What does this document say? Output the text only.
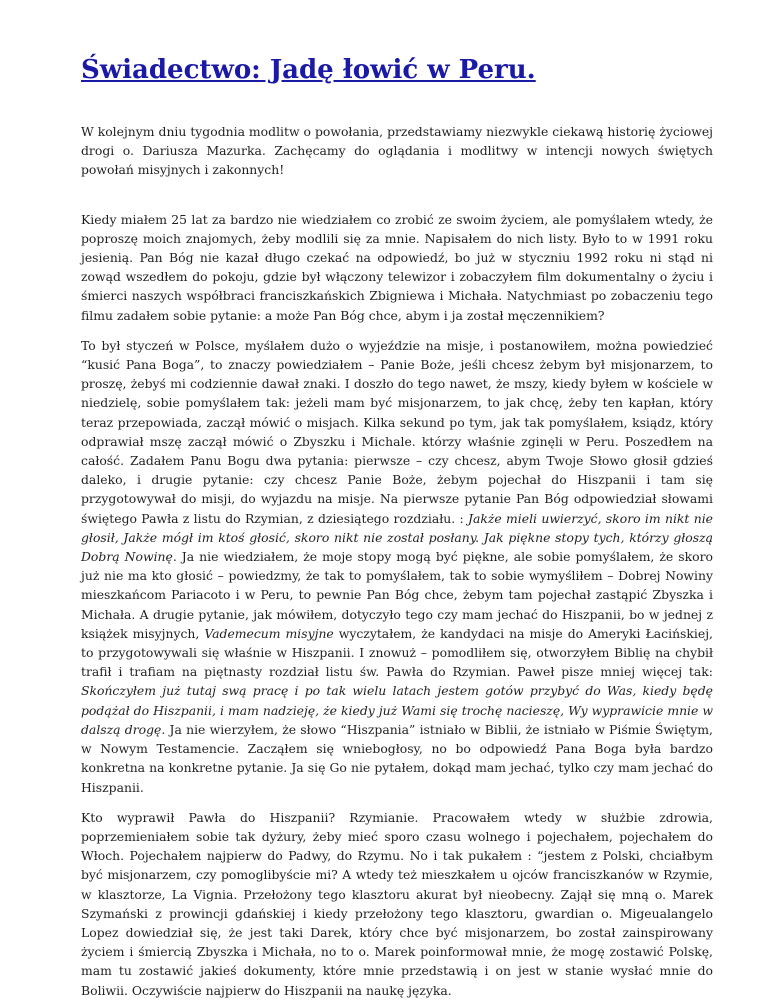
Świadectwo: Jadę łowić w Peru.

W kolejnym dniu tygodnia modlitw o powołania, przedstawiamy niezwykle ciekawą historię życiowej drogi o. Dariusza Mazurka. Zachęcamy do oglądania i modlitwy w intencji nowych świętych powołań misyjnych i zakonnych!

Kiedy miałem 25 lat za bardzo nie wiedziałem co zrobić ze swoim życiem, ale pomyślałem wtedy, że poproszę moich znajomych, żeby modlili się za mnie. Napisałem do nich listy. Było to w 1991 roku jesienią. Pan Bóg nie kazał długo czekać na odpowiedź, bo już w styczniu 1992 roku ni stąd ni zowąd wszedłem do pokoju, gdzie był włączony telewizor i zobaczyłem film dokumentalny o życiu i śmierci naszych współbraci franciszkańskich Zbigniewa i Michała. Natychmiast po zobaczeniu tego filmu zadałem sobie pytanie: a może Pan Bóg chce, abym i ja został męczennikiem?

To był styczeń w Polsce, myślałem dużo o wyjeździe na misje, i postanowiłem, można powiedzieć “kusić Pana Boga”, to znaczy powiedziałem – Panie Boże, jeśli chcesz żebym był misjonarzem, to proszę, żebyś mi codziennie dawał znaki. I doszło do tego nawet, że mszy, kiedy byłem w kościele w niedzielę, sobie pomyślałem tak: jeżeli mam być misjonarzem, to jak chcę, żeby ten kapłan, który teraz przepowiada, zaczął mówić o misjach. Kilka sekund po tym, jak tak pomyślałem, ksiądz, który odprawiał mszę zaczął mówić o Zbyszku i Michale. którzy właśnie zginęli w Peru. Poszedłem na całość. Zadałem Panu Bogu dwa pytania: pierwsze – czy chcesz, abym Twoje Słowo głosił gdzieś daleko, i drugie pytanie: czy chcesz Panie Boże, żebym pojechał do Hiszpanii i tam się przygotowywał do misji, do wyjazdu na misje. Na pierwsze pytanie Pan Bóg odpowiedział słowami świętego Pawła z listu do Rzymian, z dziesiątego rozdziału. : Jakże mieli uwierzyć, skoro im nikt nie głosił, Jakże mógł im ktoś głosić, skoro nikt nie został posłany. Jak piękne stopy tych, którzy głoszą Dobrą Nowinę. Ja nie wiedziałem, że moje stopy mogą być piękne, ale sobie pomyślałem, że skoro już nie ma kto głosić – powiedzmy, że tak to pomyślałem, tak to sobie wymyśliłem – Dobrej Nowiny mieszkańcom Pariacoto i w Peru, to pewnie Pan Bóg chce, żebym tam pojechał zastąpić Zbyszka i Michała. A drugie pytanie, jak mówiłem, dotyczyło tego czy mam jechać do Hiszpanii, bo w jednej z książek misyjnych, Vademecum misyjne wyczytałem, że kandydaci na misje do Ameryki Łacińskiej, to przygotowywali się właśnie w Hiszpanii. I znowuż – pomodliłem się, otworzyłem Biblię na chybił trafił i trafiam na piętnasty rozdział listu św. Pawła do Rzymian. Paweł pisze mniej więcej tak: Skończyłem już tutaj swą pracę i po tak wielu latach jestem gotów przybyć do Was, kiedy będę podążał do Hiszpanii, i mam nadzieję, że kiedy już Wami się trochę nacieszę, Wy wyprawicie mnie w dalszą drogę. Ja nie wierzyłem, że słowo “Hiszpania” istniało w Biblii, że istniało w Piśmie Świętym, w Nowym Testamencie. Zacząłem się wniebogłosy, no bo odpowiedź Pana Boga była bardzo konkretna na konkretne pytanie. Ja się Go nie pytałem, dokąd mam jechać, tylko czy mam jechać do Hiszpanii.

Kto wyprawił Pawła do Hiszpanii? Rzymianie. Pracowałem wtedy w służbie zdrowia, poprzemieniałem sobie tak dyżury, żeby mieć sporo czasu wolnego i pojechałem, pojechałem do Włoch. Pojechałem najpierw do Padwy, do Rzymu. No i tak pukałem : “jestem z Polski, chciałbym być misjonarzem, czy pomoglibyście mi? A wtedy też mieszkałem u ojców franciszkanów w Rzymie, w klasztorze, La Vignia. Przełożony tego klasztoru akurat był nieobecny. Zajął się mną o. Marek Szymański z prowincji gdańskiej i kiedy przełożony tego klasztoru, gwardian o. Migeualangelo Lopez dowiedział się, że jest taki Darek, który chce być misjonarzem, bo został zainspirowany życiem i śmiercią Zbyszka i Michała, no to o. Marek poinformował mnie, że mogę zostawić Polskę, mam tu zostawić jakieś dokumenty, które mnie przedstawią i on jest w stanie wysłać mnie do Boliwii. Oczywiście najpierw do Hiszpanii na naukę języka.
